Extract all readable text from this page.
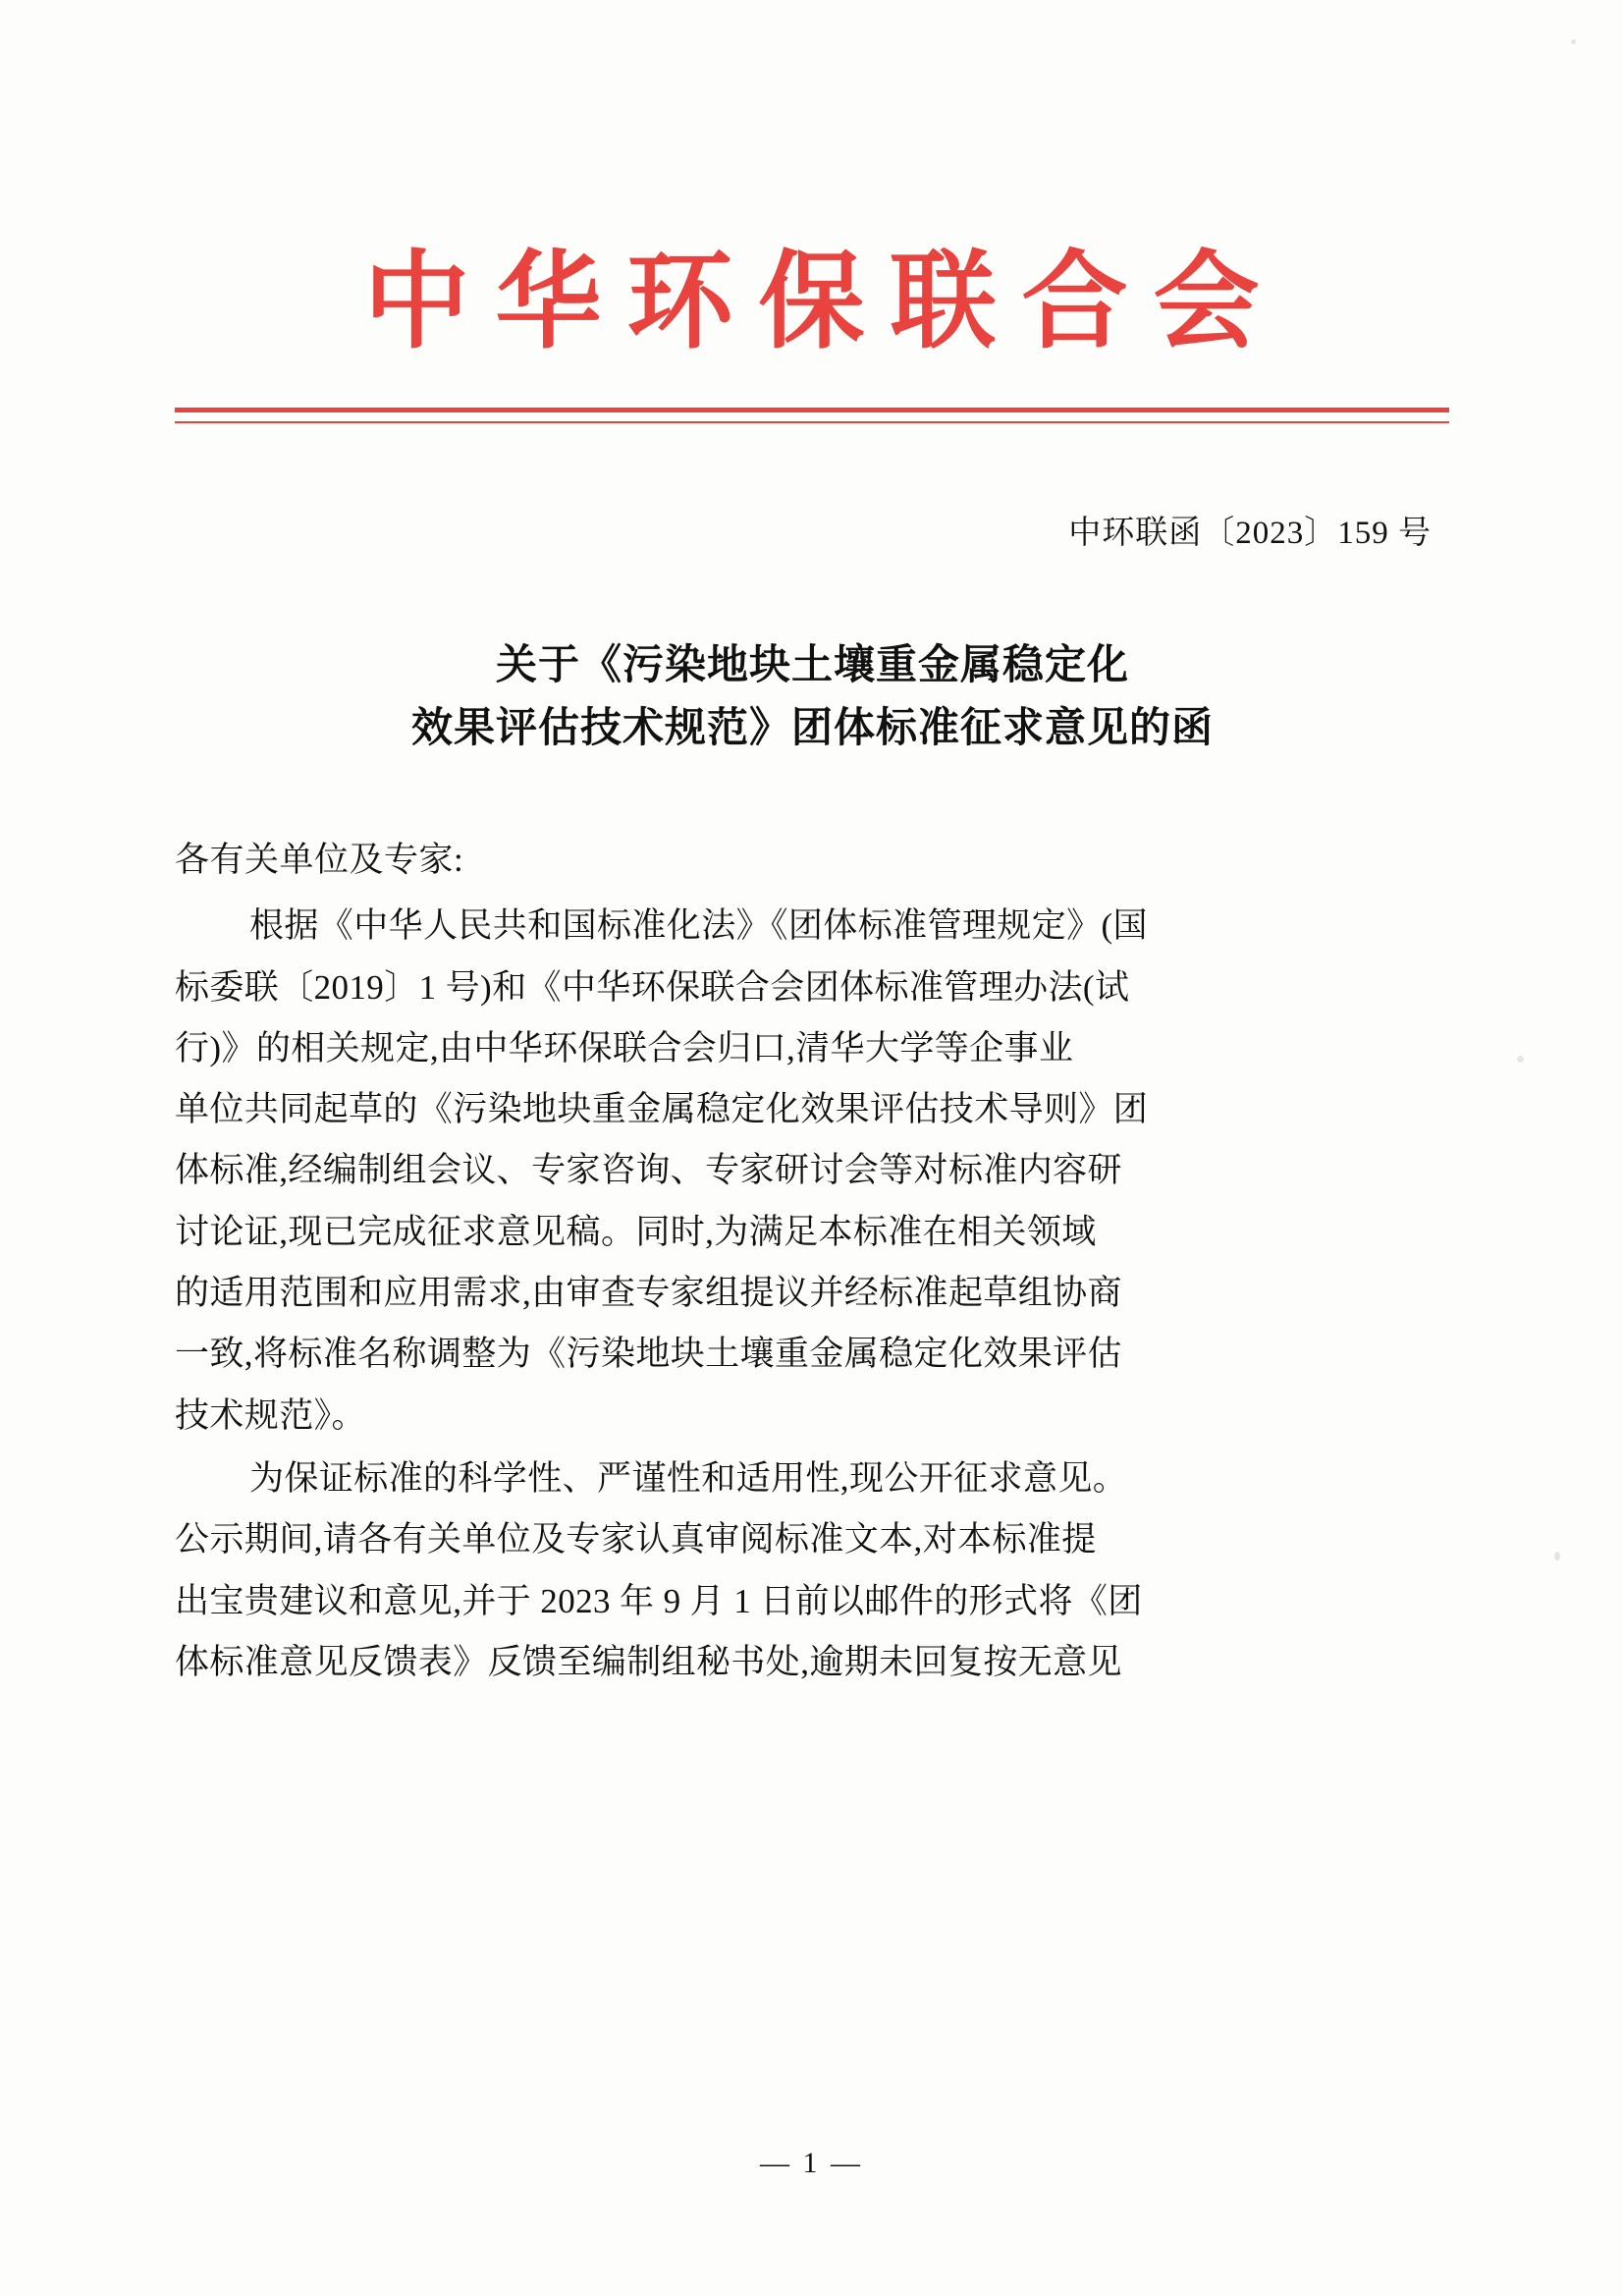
中华环保联合会
中环联函〔2023〕159 号
关于《污染地块土壤重金属稳定化
效果评估技术规范》团体标准征求意见的函
各有关单位及专家:
根据《中华人民共和国标准化法》《团体标准管理规定》(国
标委联〔2019〕1 号)和《中华环保联合会团体标准管理办法(试
行)》的相关规定,由中华环保联合会归口,清华大学等企事业
单位共同起草的《污染地块重金属稳定化效果评估技术导则》团
体标准,经编制组会议、专家咨询、专家研讨会等对标准内容研
讨论证,现已完成征求意见稿。同时,为满足本标准在相关领域
的适用范围和应用需求,由审查专家组提议并经标准起草组协商
一致,将标准名称调整为《污染地块土壤重金属稳定化效果评估
技术规范》。
为保证标准的科学性、严谨性和适用性,现公开征求意见。
公示期间,请各有关单位及专家认真审阅标准文本,对本标准提
出宝贵建议和意见,并于 2023 年 9 月 1 日前以邮件的形式将《团
体标准意见反馈表》反馈至编制组秘书处,逾期未回复按无意见
— 1 —
